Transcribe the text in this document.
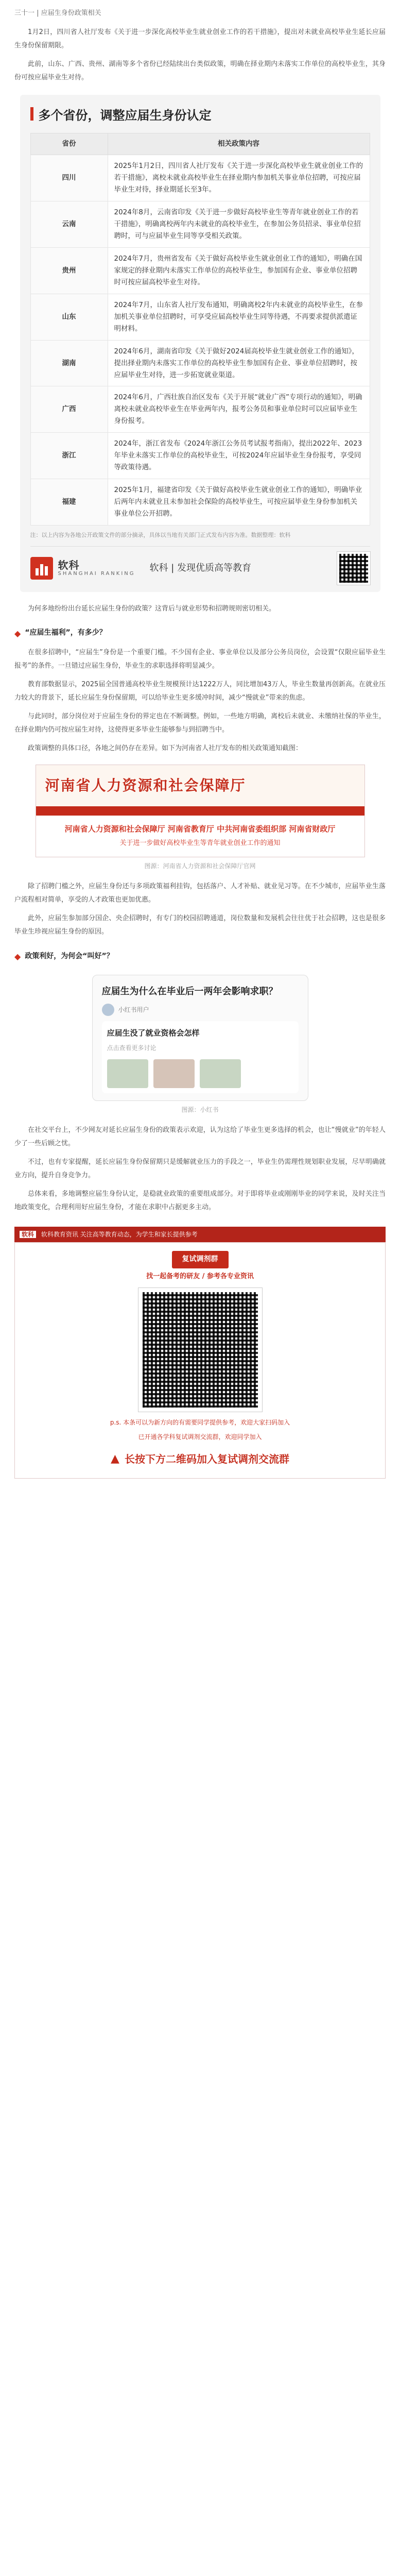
三十一 | 应届生身份政策相关

1月2日，四川省人社厅发布《关于进一步深化高校毕业生就业创业工作的若干措施》，提出对未就业高校毕业生延长应届生身份保留期限。

此前，山东、广西、贵州、湖南等多个省份已经陆续出台类似政策，明确在择业期内未落实工作单位的高校毕业生，其身份可按应届毕业生对待。

多个省份，调整应届生身份认定
省份	相关政策内容
四川	2025年1月2日，四川省人社厅发布《关于进一步深化高校毕业生就业创业工作的若干措施》，离校未就业高校毕业生在择业期内参加机关事业单位招聘，可按应届毕业生对待，择业期延长至3年。
云南	2024年8月，云南省印发《关于进一步做好高校毕业生等青年就业创业工作的若干措施》，明确离校两年内未就业的高校毕业生，在参加公务员招录、事业单位招聘时，可与应届毕业生同等享受相关政策。
贵州	2024年7月，贵州省发布《关于做好高校毕业生就业创业工作的通知》，明确在国家规定的择业期内未落实工作单位的高校毕业生，参加国有企业、事业单位招聘时可按应届高校毕业生对待。
山东	2024年7月，山东省人社厅发布通知，明确离校2年内未就业的高校毕业生，在参加机关事业单位招聘时，可享受应届高校毕业生同等待遇，不再要求提供派遣证明材料。
湖南	2024年6月，湖南省印发《关于做好2024届高校毕业生就业创业工作的通知》，提出择业期内未落实工作单位的高校毕业生参加国有企业、事业单位招聘时，按应届毕业生对待，进一步拓宽就业渠道。
广西	2024年6月，广西壮族自治区发布《关于开展“就业广西”专项行动的通知》，明确离校未就业高校毕业生在毕业两年内，报考公务员和事业单位时可以应届毕业生身份报考。
浙江	2024年，浙江省发布《2024年浙江公务员考试报考指南》，提出2022年、2023年毕业未落实工作单位的高校毕业生，可按2024年应届毕业生身份报考，享受同等政策待遇。
福建	2025年1月，福建省印发《关于做好高校毕业生就业创业工作的通知》，明确毕业后两年内未就业且未参加社会保险的高校毕业生，可按应届毕业生身份参加机关事业单位公开招聘。
注：以上内容为各地公开政策文件的部分摘录，具体以当地有关部门正式发布内容为准。数据整理：软科
软科
SHANGHAI RANKING
软科 | 发现优质高等教育

为何多地纷纷出台延长应届生身份的政策？这背后与就业形势和招聘规则密切相关。

◆ “应届生福利”，有多少？

在很多招聘中，“应届生”身份是一个重要门槛。不少国有企业、事业单位以及部分公务员岗位，会设置“仅限应届毕业生报考”的条件。一旦错过应届生身份，毕业生的求职选择将明显减少。

教育部数据显示，2025届全国普通高校毕业生规模预计达1222万人，同比增加43万人，毕业生数量再创新高。在就业压力较大的背景下，延长应届生身份保留期，可以给毕业生更多缓冲时间，减少“慢就业”带来的焦虑。

与此同时，部分岗位对于应届生身份的界定也在不断调整。例如，一些地方明确，离校后未就业、未缴纳社保的毕业生，在择业期内仍可按应届生对待，这使得更多毕业生能够参与到招聘当中。

政策调整的具体口径，各地之间仍存在差异。如下为河南省人社厅发布的相关政策通知截图：

河南省人力资源和社会保障厅
河南省人力资源和社会保障厅 河南省教育厅 中共河南省委组织部 河南省财政厅
关于进一步做好高校毕业生等青年就业创业工作的通知
图源：河南省人力资源和社会保障厅官网

除了招聘门槛之外，应届生身份还与多项政策福利挂钩，包括落户、人才补贴、就业见习等。在不少城市，应届毕业生落户流程相对简单，享受的人才政策也更加优惠。

此外，应届生参加部分国企、央企招聘时，有专门的校园招聘通道，岗位数量和发展机会往往优于社会招聘，这也是很多毕业生珍视应届生身份的原因。

◆ 政策利好，为何会“叫好”？
应届生为什么在毕业后一两年会影响求职？
小红书用户
应届生没了就业资格会怎样
点击查看更多讨论
图源：小红书

在社交平台上，不少网友对延长应届生身份的政策表示欢迎，认为这给了毕业生更多选择的机会，也让“慢就业”的年轻人少了一些后顾之忧。

不过，也有专家提醒，延长应届生身份保留期只是缓解就业压力的手段之一，毕业生仍需理性规划职业发展，尽早明确就业方向，提升自身竞争力。

总体来看，多地调整应届生身份认定，是稳就业政策的重要组成部分。对于即将毕业或刚刚毕业的同学来说，及时关注当地政策变化，合理利用好应届生身份，才能在求职中占据更多主动。

软科 软科教育资讯 关注高等教育动态，为学生和家长提供参考
复试调剂群
找一起备考的研友 / 参考各专业资讯
p.s. 本条可以为新方向的有需要同学提供参考，欢迎大家扫码加入
已开通各学科复试调剂交流群，欢迎同学加入
▲ 长按下方二维码加入复试调剂交流群
